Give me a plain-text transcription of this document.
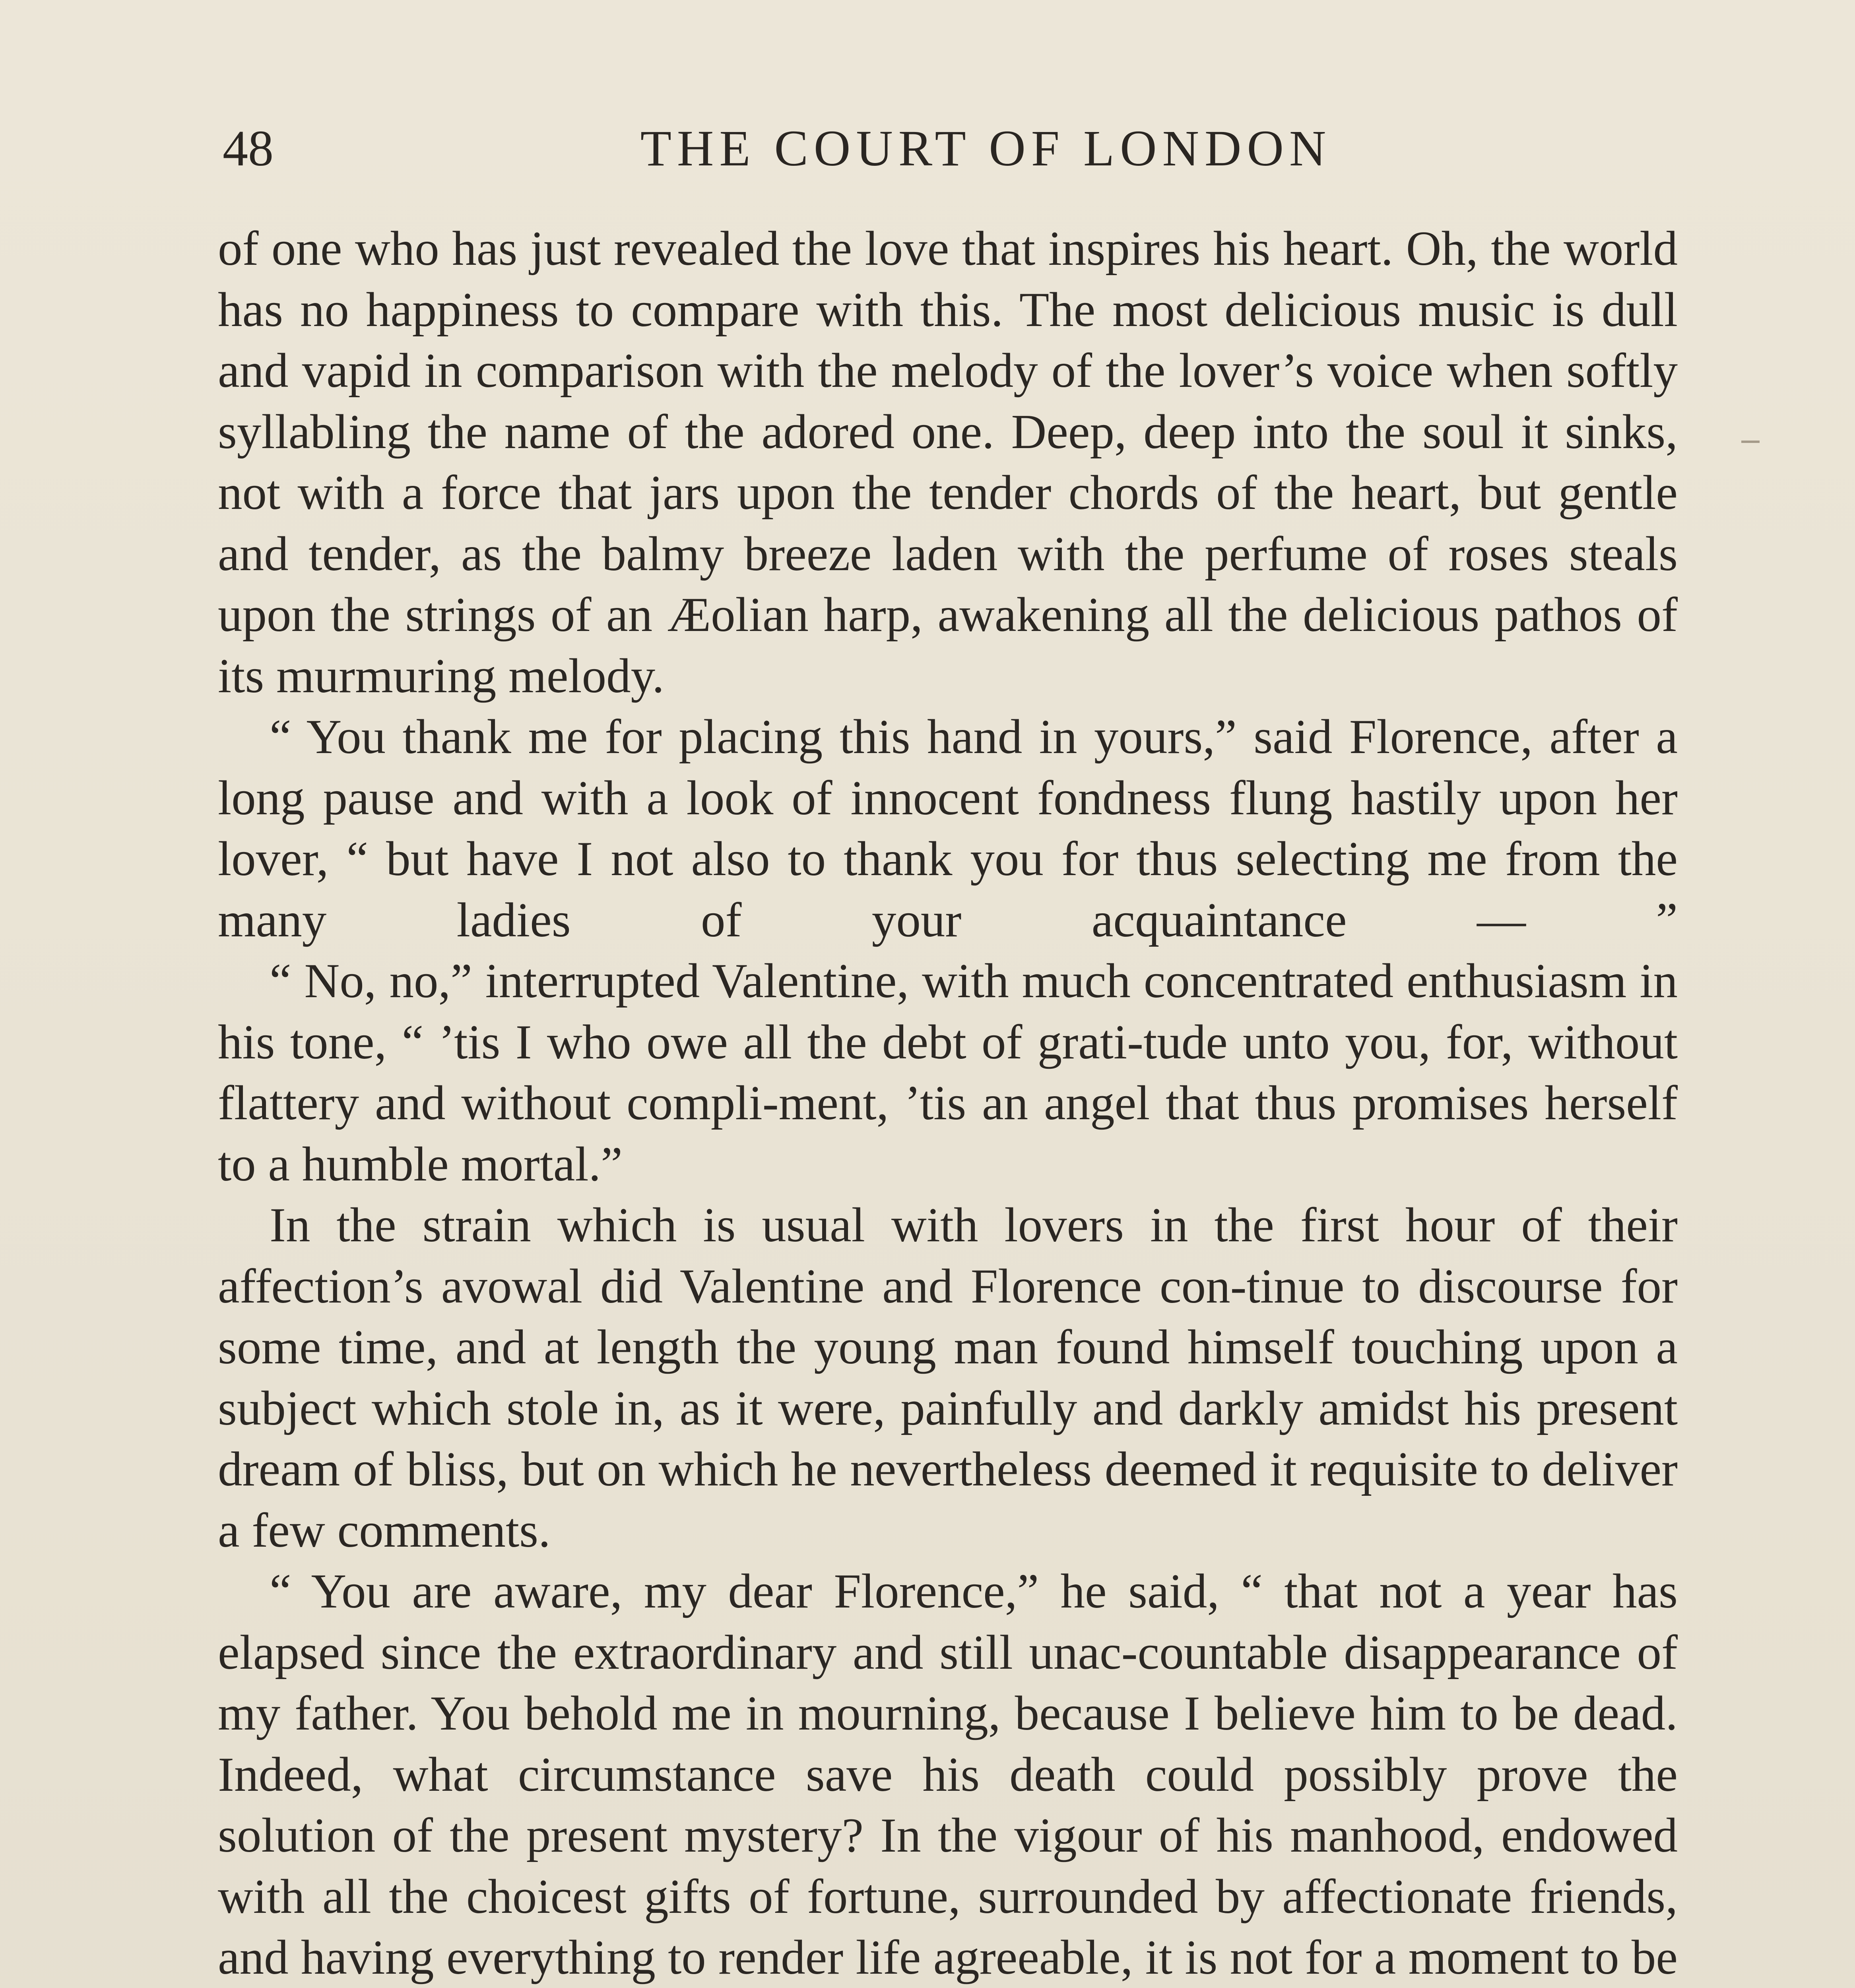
48	THE COURT OF LONDON

of one who has just revealed the love that inspires his heart. Oh, the world has no happiness to compare with this. The most delicious music is dull and vapid in comparison with the melody of the lover’s voice when softly syllabling the name of the adored one. Deep, deep into the soul it sinks, not with a force that jars upon the tender chords of the heart, but gentle and tender, as the balmy breeze laden with the perfume of roses steals upon the strings of an Æolian harp, awakening all the delicious pathos of its murmuring melody.

“ You thank me for placing this hand in yours,” said Florence, after a long pause and with a look of innocent fondness flung hastily upon her lover, “ but have I not also to thank you for thus selecting me from the many ladies of your acquaintance — ”

“ No, no,” interrupted Valentine, with much concentrated enthusiasm in his tone, “ ’tis I who owe all the debt of grati-tude unto you, for, without flattery and without compli-ment, ’tis an angel that thus promises herself to a humble mortal.”

In the strain which is usual with lovers in the first hour of their affection’s avowal did Valentine and Florence con-tinue to discourse for some time, and at length the young man found himself touching upon a subject which stole in, as it were, painfully and darkly amidst his present dream of bliss, but on which he nevertheless deemed it requisite to deliver a few comments.

“ You are aware, my dear Florence,” he said, “ that not a year has elapsed since the extraordinary and still unac-countable disappearance of my father. You behold me in mourning, because I believe him to be dead. Indeed, what circumstance save his death could possibly prove the solution of the present mystery? In the vigour of his manhood, endowed with all the choicest gifts of fortune, surrounded by affectionate friends, and having everything to render life agreeable, it is not for a moment to be
